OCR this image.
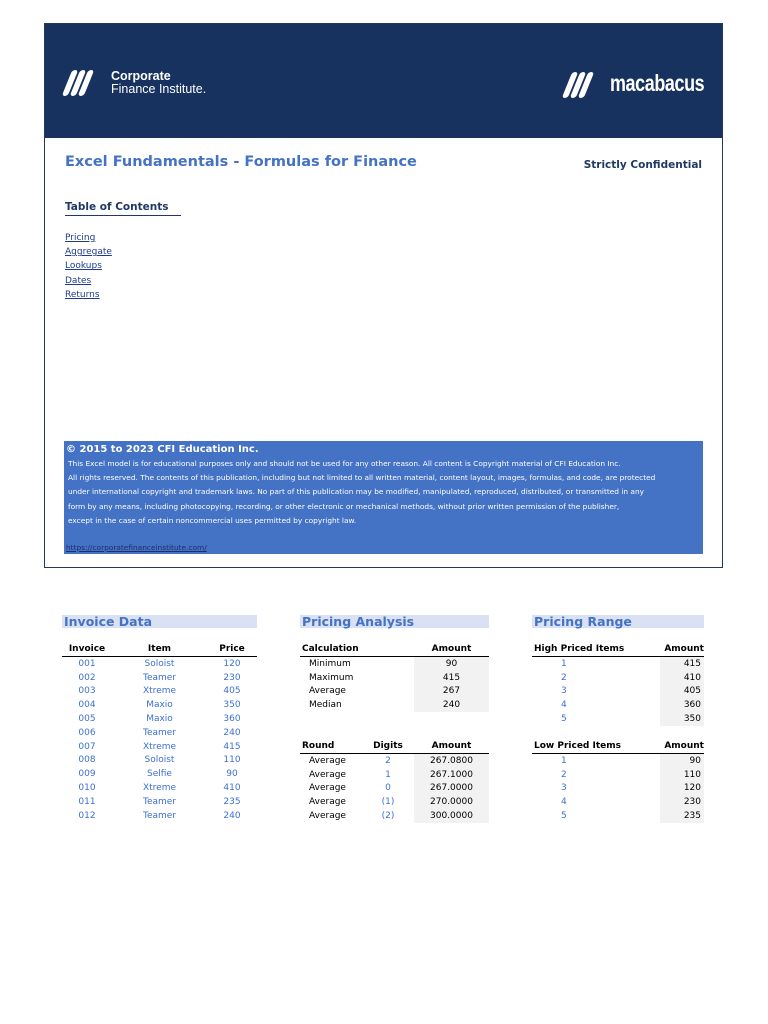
Corporate
Finance Institute.	macabacus
Excel Fundamentals - Formulas for Finance	Strictly Confidential
Table of Contents
Pricing
Aggregate
Lookups
Dates
Returns
© 2015 to 2023 CFI Education Inc.
This Excel model is for educational purposes only and should not be used for any other reason. All content is Copyright material of CFI Education Inc.
All rights reserved. The contents of this publication, including but not limited to all written material, content layout, images, formulas, and code, are protected
under international copyright and trademark laws. No part of this publication may be modified, manipulated, reproduced, distributed, or transmitted in any
form by any means, including photocopying, recording, or other electronic or mechanical methods, without prior written permission of the publisher,
except in the case of certain noncommercial uses permitted by copyright law.
https://corporatefinanceinstitute.com/
Invoice Data
Invoice	Item	Price
001	Soloist	120
002	Teamer	230
003	Xtreme	405
004	Maxio	350
005	Maxio	360
006	Teamer	240
007	Xtreme	415
008	Soloist	110
009	Selfie	90
010	Xtreme	410
011	Teamer	235
012	Teamer	240
Pricing Analysis
Calculation	Amount
Minimum	90
Maximum	415
Average	267
Median	240
Round	Digits	Amount
Average	2	267.0800
Average	1	267.1000
Average	0	267.0000
Average	(1)	270.0000
Average	(2)	300.0000
Pricing Range
High Priced Items	Amount
1	415
2	410
3	405
4	360
5	350
Low Priced Items	Amount
1	90
2	110
3	120
4	230
5	235
